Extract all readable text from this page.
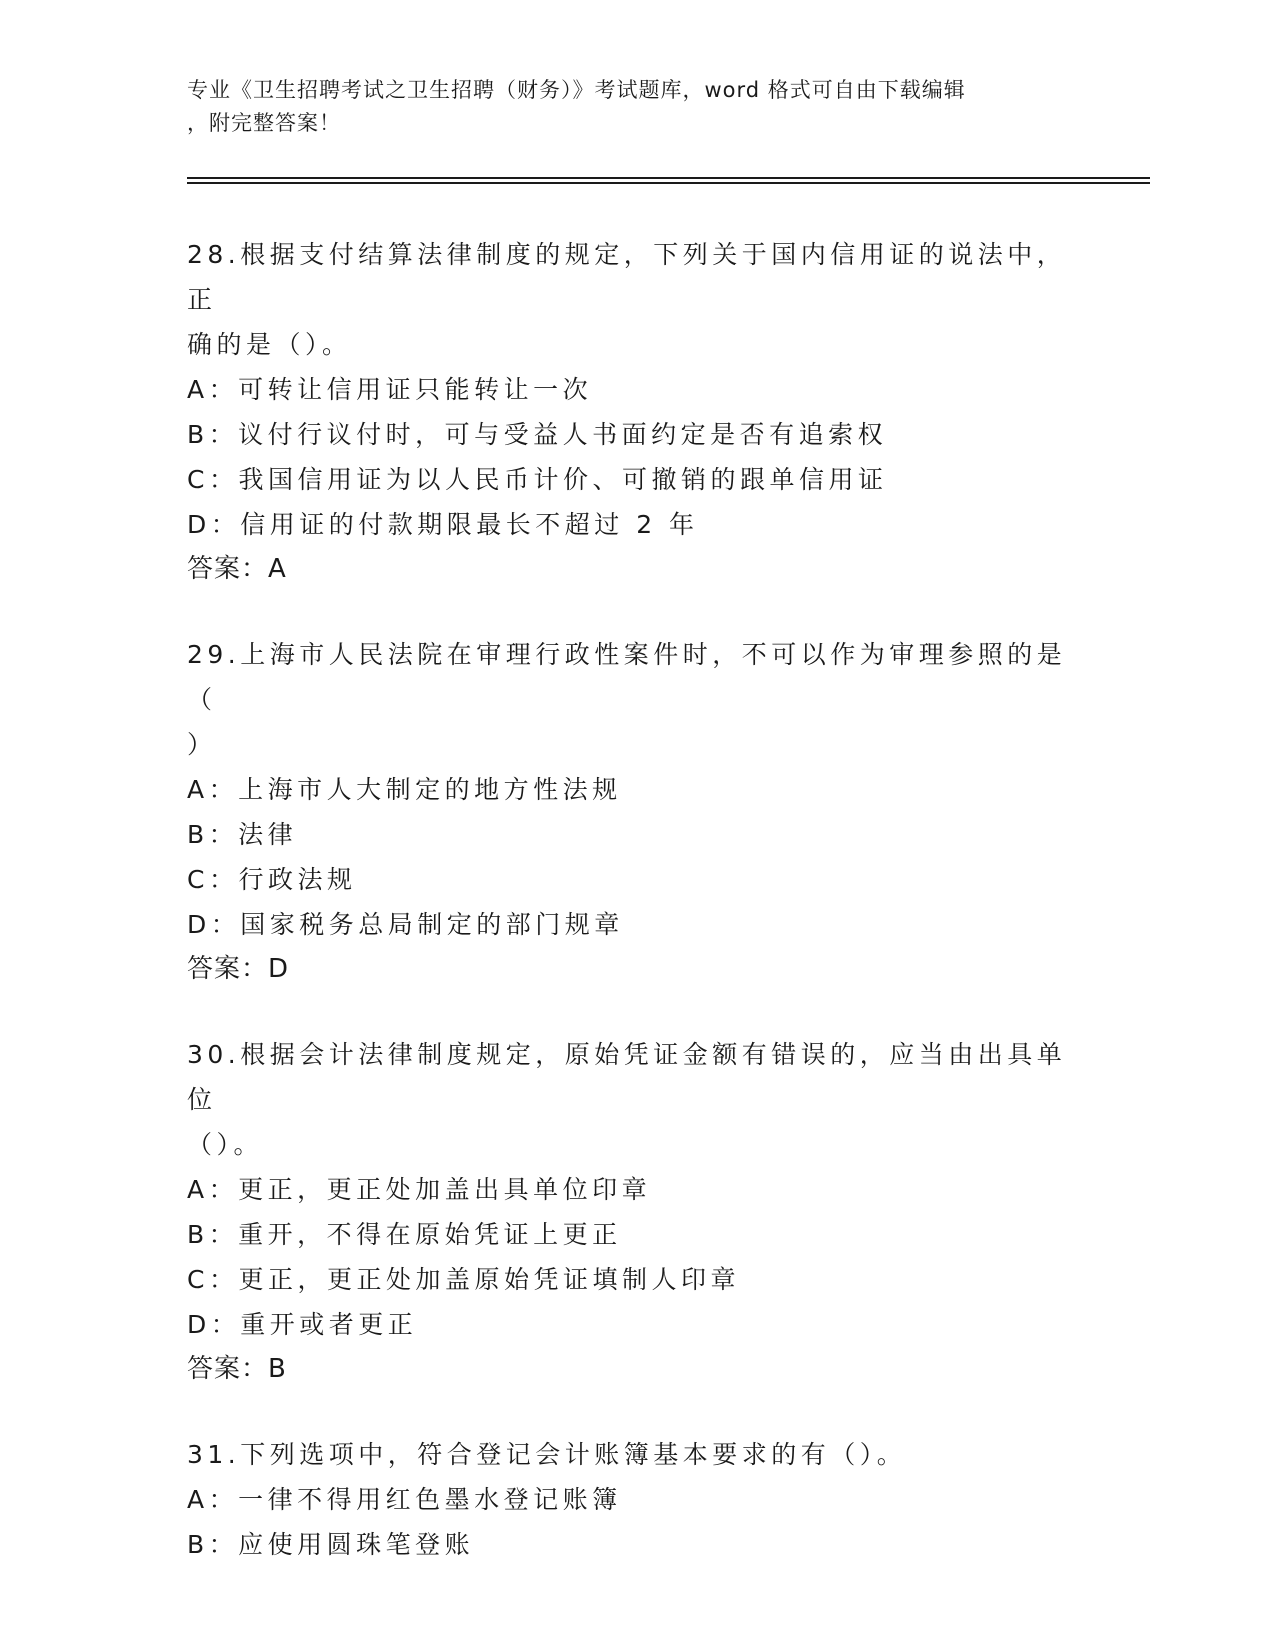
专业《卫生招聘考试之卫生招聘（财务）》考试题库，word 格式可自由下载编辑
，附完整答案！
28.根据支付结算法律制度的规定，下列关于国内信用证的说法中，正
确的是（）。
A：可转让信用证只能转让一次
B：议付行议付时，可与受益人书面约定是否有追索权
C：我国信用证为以人民币计价、可撤销的跟单信用证
D：信用证的付款期限最长不超过 2 年
答案：A
29.上海市人民法院在审理行政性案件时，不可以作为审理参照的是（
）
A：上海市人大制定的地方性法规
B：法律
C：行政法规
D：国家税务总局制定的部门规章
答案：D
30.根据会计法律制度规定，原始凭证金额有错误的，应当由出具单位
（）。
A：更正，更正处加盖出具单位印章
B：重开，不得在原始凭证上更正
C：更正，更正处加盖原始凭证填制人印章
D：重开或者更正
答案：B
31.下列选项中，符合登记会计账簿基本要求的有（）。
A：一律不得用红色墨水登记账簿
B：应使用圆珠笔登账
